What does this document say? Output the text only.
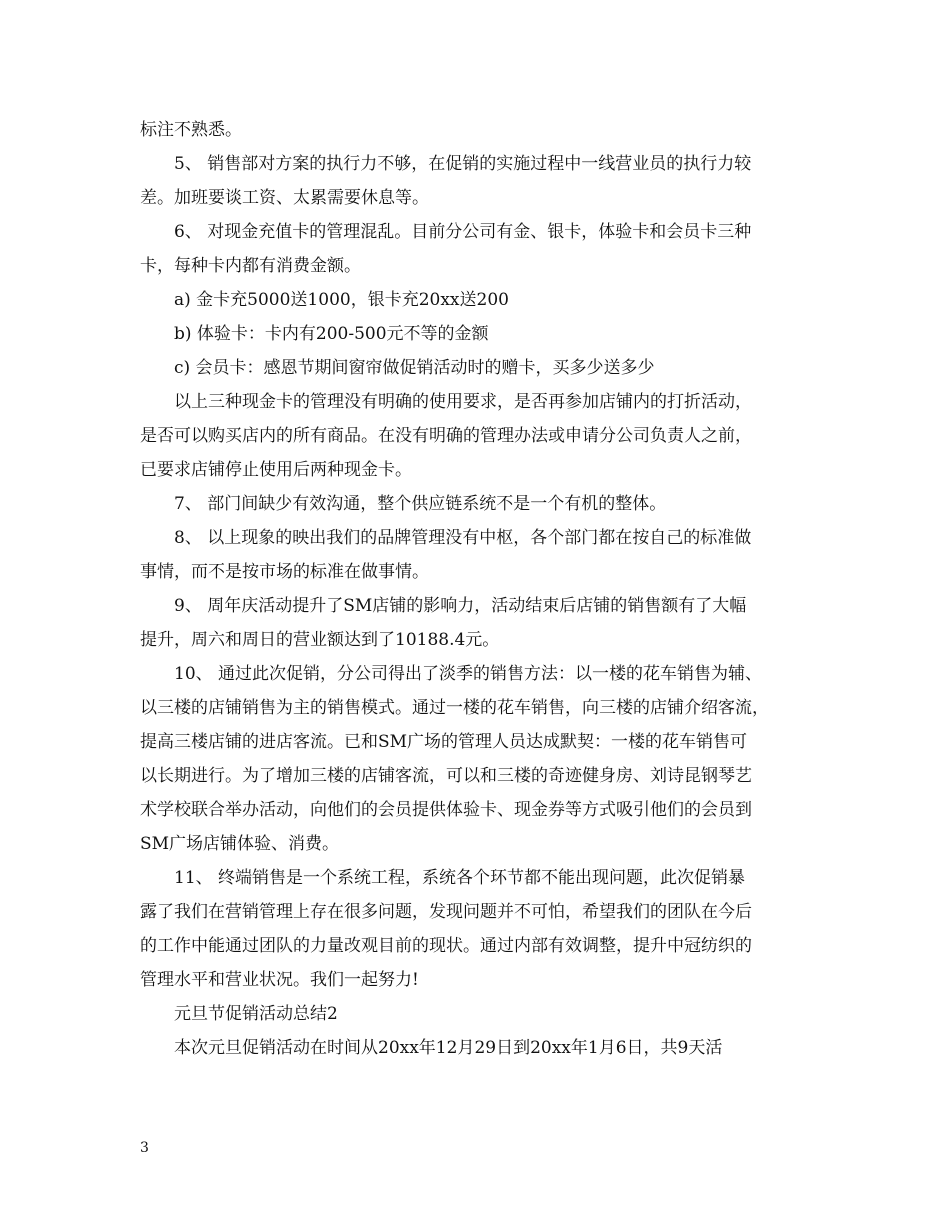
标注不熟悉。
5、 销售部对方案的执行力不够，在促销的实施过程中一线营业员的执行力较
差。加班要谈工资、太累需要休息等。
6、 对现金充值卡的管理混乱。目前分公司有金、银卡，体验卡和会员卡三种
卡，每种卡内都有消费金额。
a) 金卡充5000送1000，银卡充20xx送200
b) 体验卡：卡内有200-500元不等的金额
c) 会员卡：感恩节期间窗帘做促销活动时的赠卡，买多少送多少
以上三种现金卡的管理没有明确的使用要求，是否再参加店铺内的打折活动，
是否可以购买店内的所有商品。在没有明确的管理办法或申请分公司负责人之前，
已要求店铺停止使用后两种现金卡。
7、 部门间缺少有效沟通，整个供应链系统不是一个有机的整体。
8、 以上现象的映出我们的品牌管理没有中枢，各个部门都在按自己的标准做
事情，而不是按市场的标准在做事情。
9、 周年庆活动提升了SM店铺的影响力，活动结束后店铺的销售额有了大幅
提升，周六和周日的营业额达到了10188.4元。
10、 通过此次促销，分公司得出了淡季的销售方法：以一楼的花车销售为辅、
以三楼的店铺销售为主的销售模式。通过一楼的花车销售，向三楼的店铺介绍客流，
提高三楼店铺的进店客流。已和SM广场的管理人员达成默契：一楼的花车销售可
以长期进行。为了增加三楼的店铺客流，可以和三楼的奇迹健身房、刘诗昆钢琴艺
术学校联合举办活动，向他们的会员提供体验卡、现金券等方式吸引他们的会员到
SM广场店铺体验、消费。
11、 终端销售是一个系统工程，系统各个环节都不能出现问题，此次促销暴
露了我们在营销管理上存在很多问题，发现问题并不可怕，希望我们的团队在今后
的工作中能通过团队的力量改观目前的现状。通过内部有效调整，提升中冠纺织的
管理水平和营业状况。我们一起努力!
元旦节促销活动总结2
本次元旦促销活动在时间从20xx年12月29日到20xx年1月6日，共9天活
3
